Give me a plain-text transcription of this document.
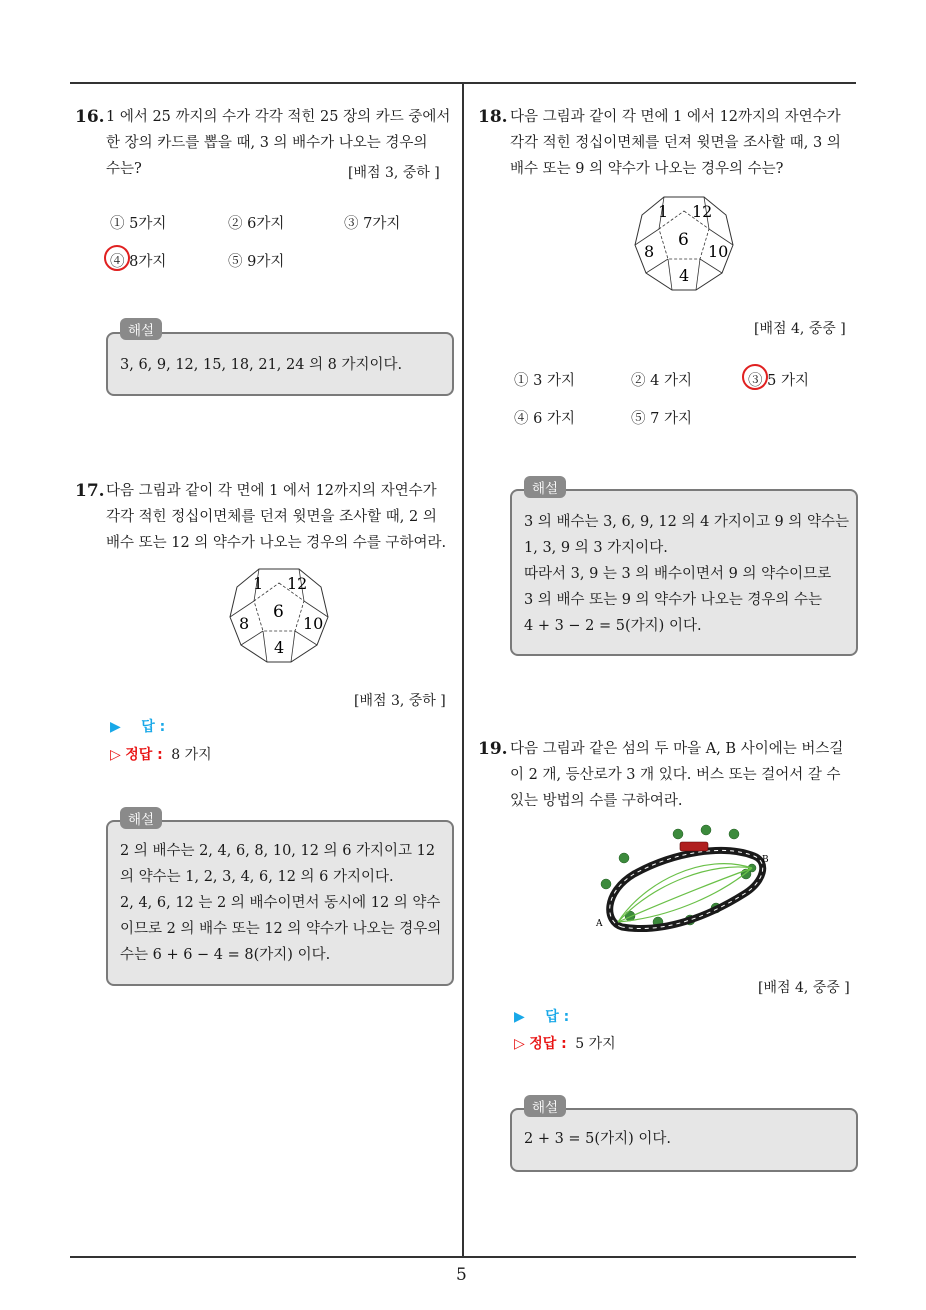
5
16. 1 에서 25 까지의 수가 각각 적힌 25 장의 카드 중에서
한 장의 카드를 뽑을 때, 3 의 배수가 나오는 경우의
수는?	[배점 3, 중하 ]
① 5가지	② 6가지	③ 7가지
④ 8가지	⑤ 9가지
3, 6, 9, 12, 15, 18, 21, 24 의 8 가지이다.
해설
17. 다음 그림과 같이 각 면에 1 에서 12까지의 자연수가
각각 적힌 정십이면체를 던져 윗면을 조사할 때, 2 의
배수 또는 12 의 약수가 나오는 경우의 수를 구하여라.
1 12
6
8	10
4
[배점 3, 중하 ]
▶ 답 :
▷ 정답 : 8 가지
2 의 배수는 2, 4, 6, 8, 10, 12 의 6 가지이고 12
의 약수는 1, 2, 3, 4, 6, 12 의 6 가지이다.
2, 4, 6, 12 는 2 의 배수이면서 동시에 12 의 약수
이므로 2 의 배수 또는 12 의 약수가 나오는 경우의
수는 6 + 6 − 4 = 8(가지) 이다.
해설
18. 다음 그림과 같이 각 면에 1 에서 12까지의 자연수가
각각 적힌 정십이면체를 던져 윗면을 조사할 때, 3 의
배수 또는 9 의 약수가 나오는 경우의 수는?
1 12
6
8	10
4
[배점 4, 중중 ]
① 3 가지	② 4 가지	③ 5 가지
④ 6 가지	⑤ 7 가지
3 의 배수는 3, 6, 9, 12 의 4 가지이고 9 의 약수는
1, 3, 9 의 3 가지이다.
따라서 3, 9 는 3 의 배수이면서 9 의 약수이므로
3 의 배수 또는 9 의 약수가 나오는 경우의 수는
4 + 3 − 2 = 5(가지) 이다.
해설
19. 다음 그림과 같은 섬의 두 마을 A, B 사이에는 버스길
이 2 개, 등산로가 3 개 있다. 버스 또는 걸어서 갈 수
있는 방법의 수를 구하여라.
A
B
[배점 4, 중중 ]
▶ 답 :
▷ 정답 : 5 가지
2 + 3 = 5(가지) 이다.
해설
